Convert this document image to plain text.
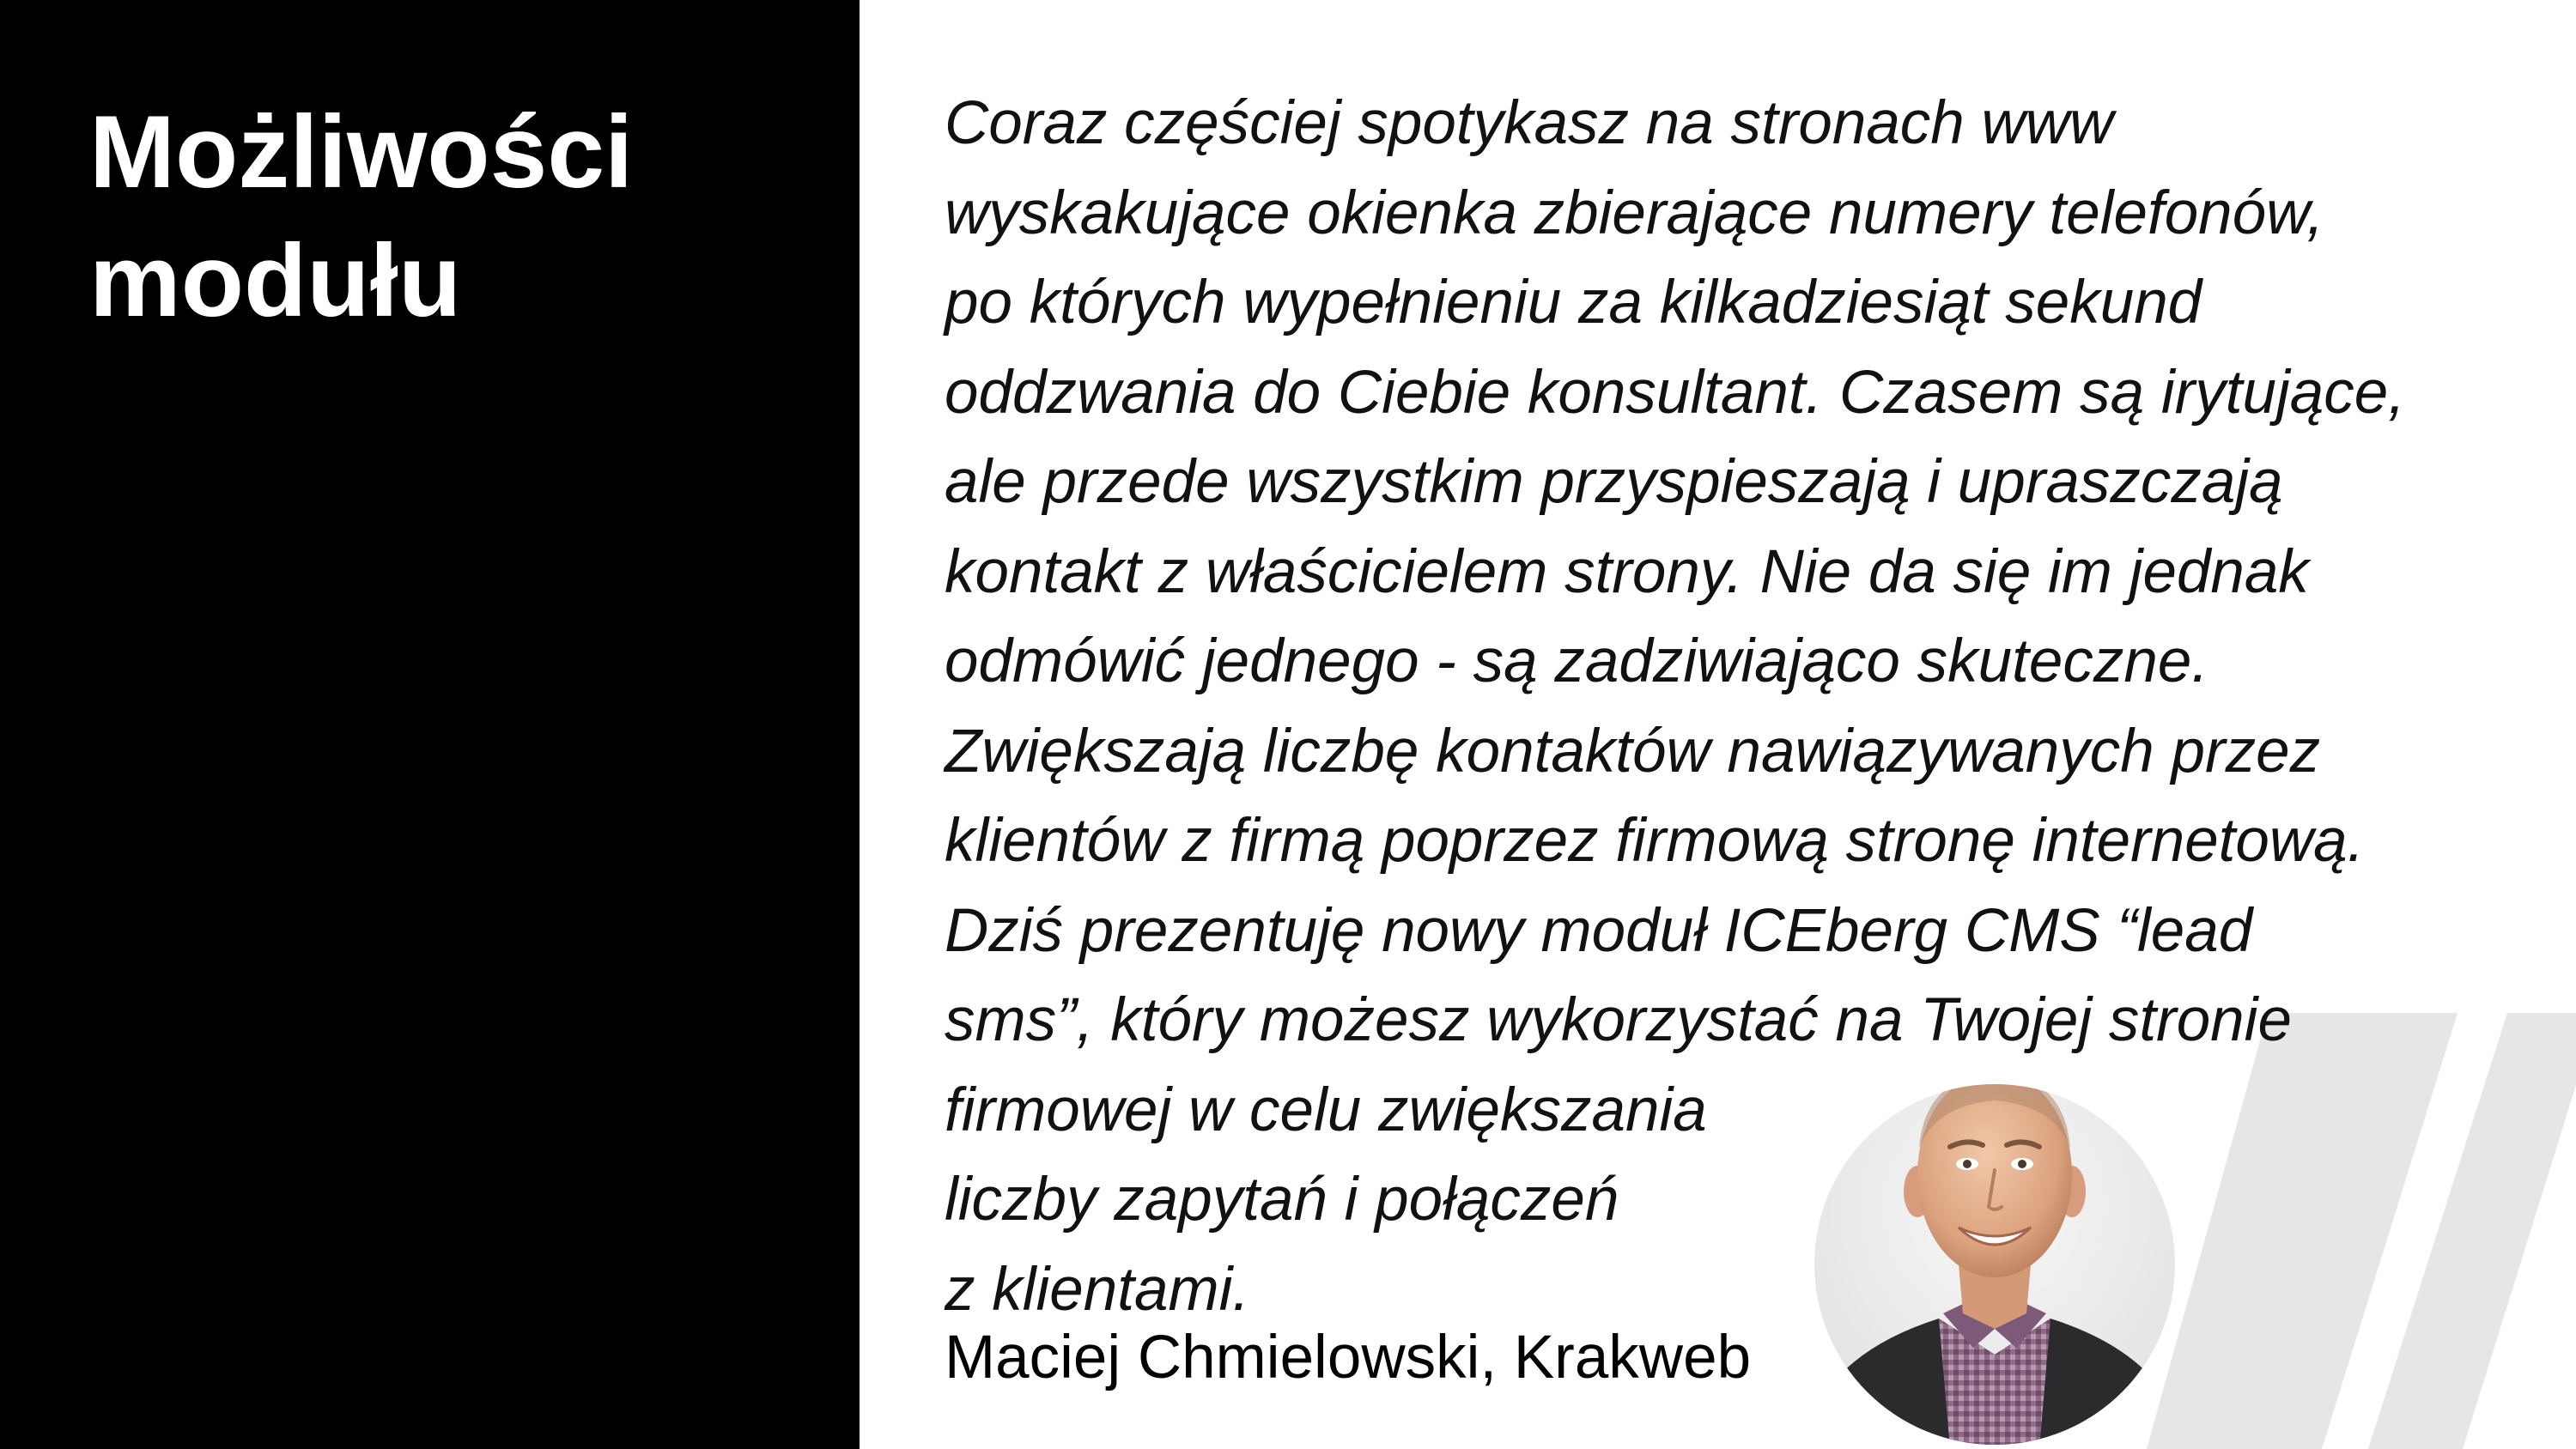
Możliwości
modułu

Coraz częściej spotykasz na stronach www
wyskakujące okienka zbierające numery telefonów,
po których wypełnieniu za kilkadziesiąt sekund
oddzwania do Ciebie konsultant. Czasem są irytujące,
ale przede wszystkim przyspieszają i upraszczają
kontakt z właścicielem strony. Nie da się im jednak
odmówić jednego - są zadziwiająco skuteczne.
Zwiększają liczbę kontaktów nawiązywanych przez
klientów z firmą poprzez firmową stronę internetową.
Dziś prezentuję nowy moduł ICEberg CMS “lead
sms”, który możesz wykorzystać na Twojej stronie
firmowej w celu zwiększania
liczby zapytań i połączeń
z klientami.

Maciej Chmielowski, Krakweb
